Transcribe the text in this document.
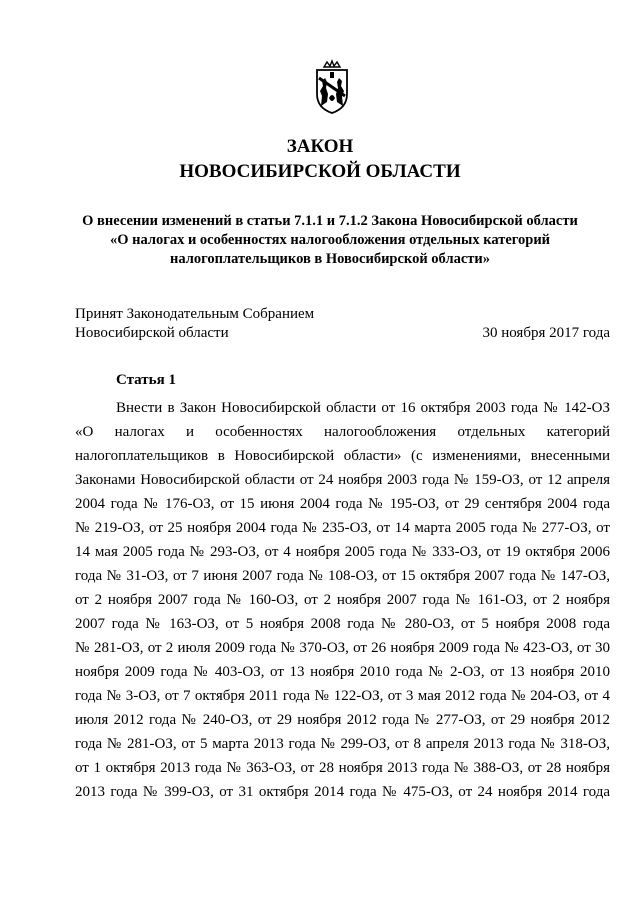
ЗАКОН
НОВОСИБИРСКОЙ ОБЛАСТИ
О внесении изменений в статьи 7.1.1 и 7.1.2 Закона Новосибирской области
«О налогах и особенностях налогообложения отдельных категорий
налогоплательщиков в Новосибирской области»
Принят Законодательным Собранием
Новосибирской области	30 ноября 2017 года
Статья 1
Внести в Закон Новосибирской области от 16 октября 2003 года № 142-ОЗ
«О налогах и особенностях налогообложения отдельных категорий
налогоплательщиков в Новосибирской области» (с изменениями, внесенными
Законами Новосибирской области от 24 ноября 2003 года № 159-ОЗ, от 12 апреля
2004 года № 176-ОЗ, от 15 июня 2004 года № 195-ОЗ, от 29 сентября 2004 года
№ 219-ОЗ, от 25 ноября 2004 года № 235-ОЗ, от 14 марта 2005 года № 277-ОЗ, от
14 мая 2005 года № 293-ОЗ, от 4 ноября 2005 года № 333-ОЗ, от 19 октября 2006
года № 31-ОЗ, от 7 июня 2007 года № 108-ОЗ, от 15 октября 2007 года № 147-ОЗ,
от 2 ноября 2007 года № 160-ОЗ, от 2 ноября 2007 года № 161-ОЗ, от 2 ноября
2007 года № 163-ОЗ, от 5 ноября 2008 года № 280-ОЗ, от 5 ноября 2008 года
№ 281-ОЗ, от 2 июля 2009 года № 370-ОЗ, от 26 ноября 2009 года № 423-ОЗ, от 30
ноября 2009 года № 403-ОЗ, от 13 ноября 2010 года № 2-ОЗ, от 13 ноября 2010
года № 3-ОЗ, от 7 октября 2011 года № 122-ОЗ, от 3 мая 2012 года № 204-ОЗ, от 4
июля 2012 года № 240-ОЗ, от 29 ноября 2012 года № 277-ОЗ, от 29 ноября 2012
года № 281-ОЗ, от 5 марта 2013 года № 299-ОЗ, от 8 апреля 2013 года № 318-ОЗ,
от 1 октября 2013 года № 363-ОЗ, от 28 ноября 2013 года № 388-ОЗ, от 28 ноября
2013 года № 399-ОЗ, от 31 октября 2014 года № 475-ОЗ, от 24 ноября 2014 года
